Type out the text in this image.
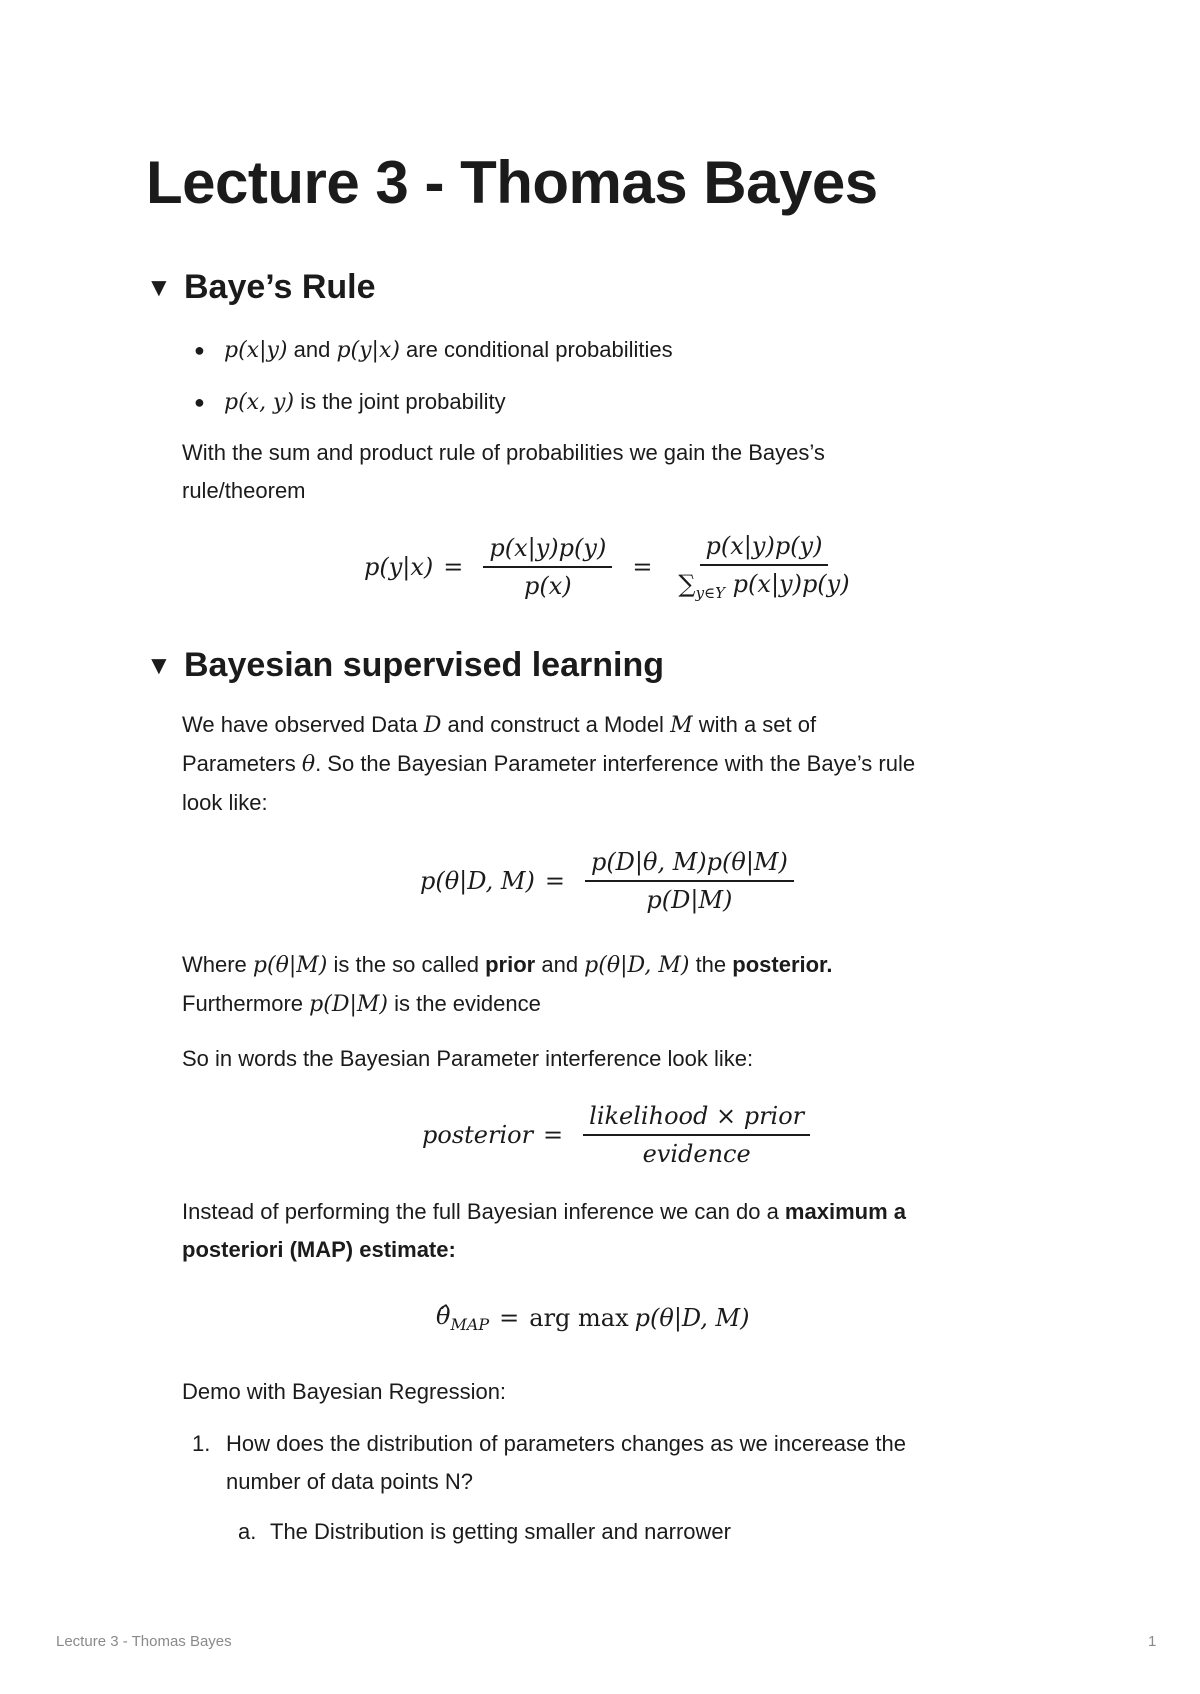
Lecture 3 - Thomas Bayes
▼ Baye’s Rule
● p(x|y) and p(y|x) are conditional probabilities
● p(x, y) is the joint probability

With the sum and product rule of probabilities we gain the Bayes’s rule/theorem

$p(y|x) = \frac{p(x|y)p(y)}{p(x)} = \frac{p(x|y)p(y)}{\sum_{y\in Y} p(x|y)p(y)}$
▼ Bayesian supervised learning

We have observed Data D and construct a Model M with a set of
Parameters θ. So the Bayesian Parameter interference with the Baye’s rule
look like:

p(θ|D, $M) = \frac{p(D|\theta, M)p(\theta|M)}{p(D|M)}$

Where p(θ|M) is the so called prior and p(θ|D, M) the posterior.
Furthermore p(D|M) is the evidence

So in words the Bayesian Parameter interference look like:

posterior = $\frac{\text{likelihood × prior}}{\text{evidence}}$

Instead of performing the full Bayesian inference we can do a maximum a
posteriori (MAP) estimate:

$\thetâ_{MAP}$ = arg max p(θ|D, M)

Demo with Bayesian Regression:

1. How does the distribution of parameters changes as we incerease the
number of data points N?

a. The Distribution is getting smaller and narrower

Lecture 3 - Thomas Bayes	1
